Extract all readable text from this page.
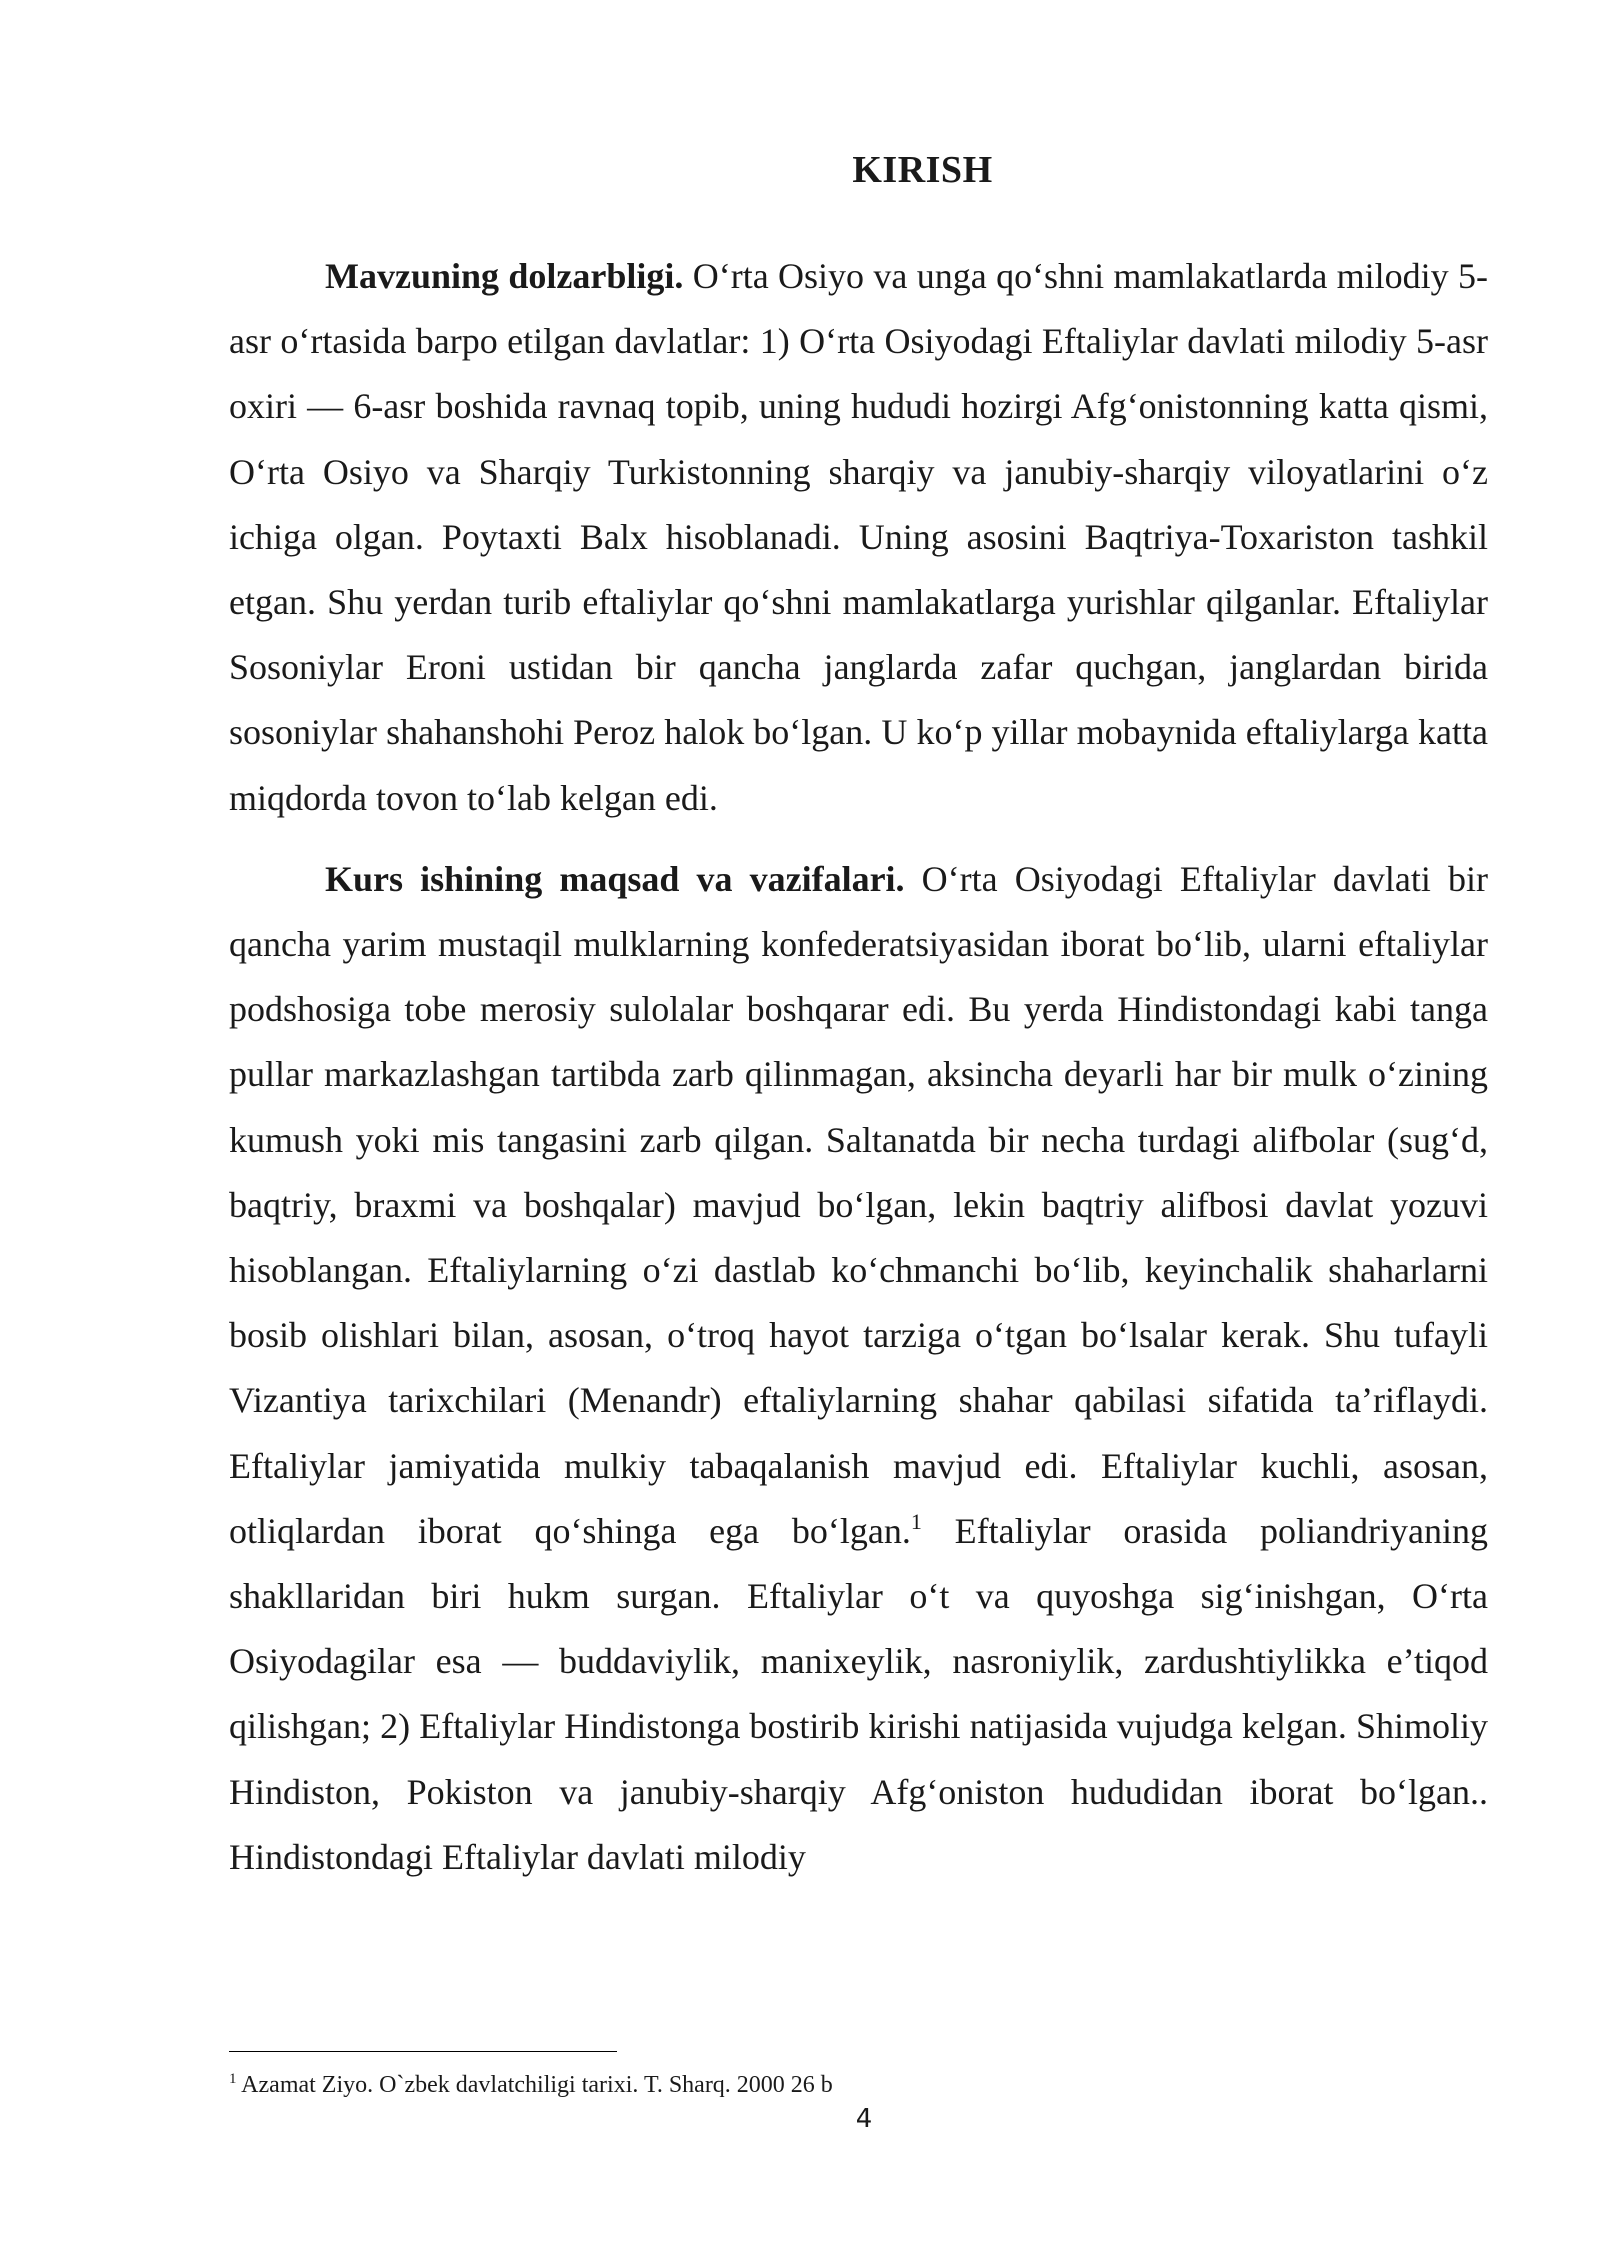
KIRISH

Mavzuning dolzarbligi. O‘rta Osiyo va unga qo‘shni mamlakatlarda milodiy 5-asr o‘rtasida barpo etilgan davlatlar: 1) O‘rta Osiyodagi Eftaliylar davlati milodiy 5-asr oxiri — 6-asr boshida ravnaq topib, uning hududi hozirgi Afg‘onistonning katta qismi, O‘rta Osiyo va Sharqiy Turkistonning sharqiy va janubiy-sharqiy viloyatlarini o‘z ichiga olgan. Poytaxti Balx hisoblanadi. Uning asosini Baqtriya-Toxariston tashkil etgan. Shu yerdan turib eftaliylar qo‘shni mamlakatlarga yurishlar qilganlar. Eftaliylar Sosoniylar Eroni ustidan bir qancha janglarda zafar quchgan, janglardan birida sosoniylar shahanshohi Peroz halok bo‘lgan. U ko‘p yillar mobaynida eftaliylarga katta miqdorda tovon to‘lab kelgan edi.

Kurs ishining maqsad va vazifalari. O‘rta Osiyodagi Eftaliylar davlati bir qancha yarim mustaqil mulklarning konfederatsiyasidan iborat bo‘lib, ularni eftaliylar podshosiga tobe merosiy sulolalar boshqarar edi. Bu yerda Hindistondagi kabi tanga pullar markazlashgan tartibda zarb qilinmagan, aksincha deyarli har bir mulk o‘zining kumush yoki mis tangasini zarb qilgan. Saltanatda bir necha turdagi alifbolar (sug‘d, baqtriy, braxmi va boshqalar) mavjud bo‘lgan, lekin baqtriy alifbosi davlat yozuvi hisoblangan. Eftaliylarning o‘zi dastlab ko‘chmanchi bo‘lib, keyinchalik shaharlarni bosib olishlari bilan, asosan, o‘troq hayot tarziga o‘tgan bo‘lsalar kerak. Shu tufayli Vizantiya tarixchilari (Menandr) eftaliylarning shahar qabilasi sifatida ta’riflaydi. Eftaliylar jamiyatida mulkiy tabaqalanish mavjud edi. Eftaliylar kuchli, asosan, otliqlardan iborat qo‘shinga ega bo‘lgan.$^1$ Eftaliylar orasida poliandriyaning shakllaridan biri hukm surgan. Eftaliylar o‘t va quyoshga sig‘inishgan, O‘rta Osiyodagilar esa — buddaviylik, manixeylik, nasroniylik, zardushtiylikka e’tiqod qilishgan; 2) Eftaliylar Hindistonga bostirib kirishi natijasida vujudga kelgan. Shimoliy Hindiston, Pokiston va janubiy-sharqiy Afg‘oniston hududidan iborat bo‘lgan.. Hindistondagi Eftaliylar davlati milodiy

$^1$ Azamat Ziyo. O`zbek davlatchiligi tarixi. T. Sharq. 2000 26 b
4
